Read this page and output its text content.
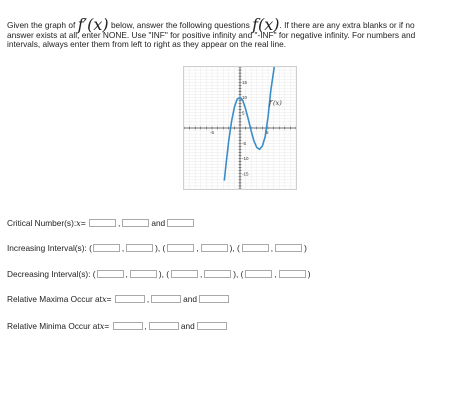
Given the graph of f′(x) below, answer the following questions f(x). If there are any extra blanks or if no
answer exists at all, enter NONE. Use "INF" for positive infinity and "-INF" for negative infinity. For numbers and
intervals, always enter them from left to right as they appear on the real line.
-5	5
15
10
5
-5
-10
-15
f′(x)
Critical Number(s): x =
	,	and
Increasing Interval(s): (	,	), (	,	), (	,	)
Decreasing Interval(s): (	,	), (	,	), (	,	)
Relative Maxima Occur at x =
	,	and
Relative Minima Occur at x =
	,	and
